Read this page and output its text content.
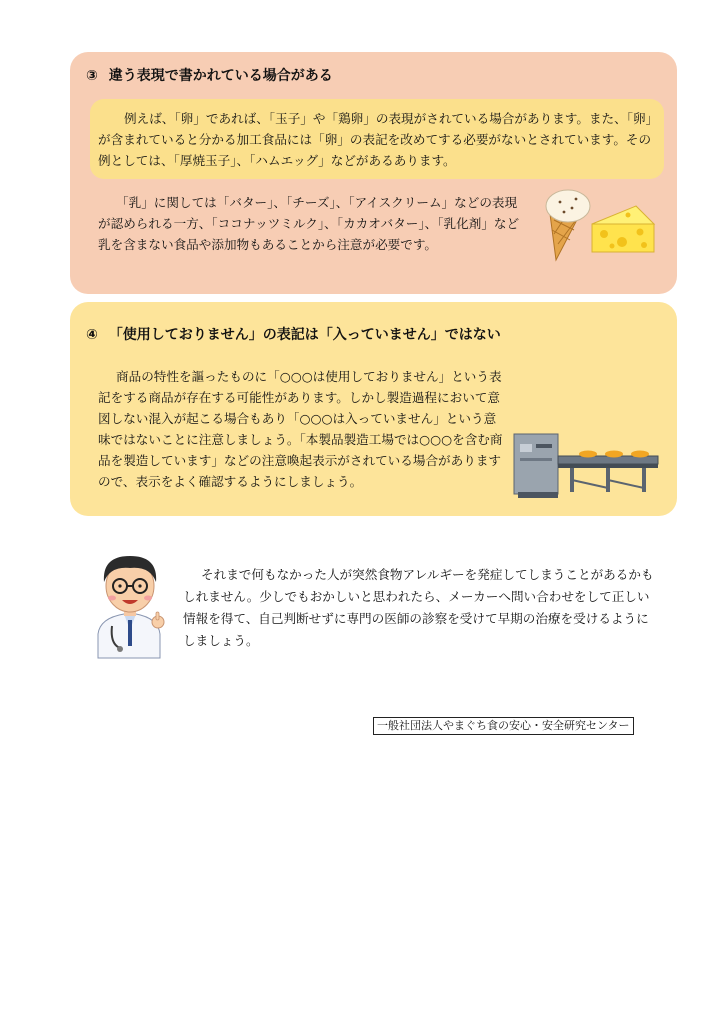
③ 違う表現で書かれている場合がある

例えば、「卵」であれば、「玉子」や「鶏卵」の表現がされている場合があります。また、「卵」が含まれていると分かる加工食品には「卵」の表記を改めてする必要がないとされています。その例としては、「厚焼玉子」、「ハムエッグ」などがあるあります。

「乳」に関しては「バター」、「チーズ」、「アイスクリーム」などの表現が認められる一方、「ココナッツミルク」、「カカオバター」、「乳化剤」など乳を含まない食品や添加物もあることから注意が必要です。

④ 「使用しておりません」の表記は「入っていません」ではない
商品の特性を謳ったものに「○○○は使用しておりません」という表記をする商品が存在する可能性があります。しかし製造過程において意図しない混入が起こる場合もあり「○○○は入っていません」という意味ではないことに注意しましょう。「本製品製造工場では○○○を含む商品を製造しています」などの注意喚起表示がされている場合がありますので、表示をよく確認するようにしましょう。

それまで何もなかった人が突然食物アレルギーを発症してしまうことがあるかもしれません。少しでもおかしいと思われたら、メーカーへ問い合わせをして正しい情報を得て、自己判断せずに専門の医師の診察を受けて早期の治療を受けるようにしましょう。

一般社団法人やまぐち食の安心・安全研究センター
